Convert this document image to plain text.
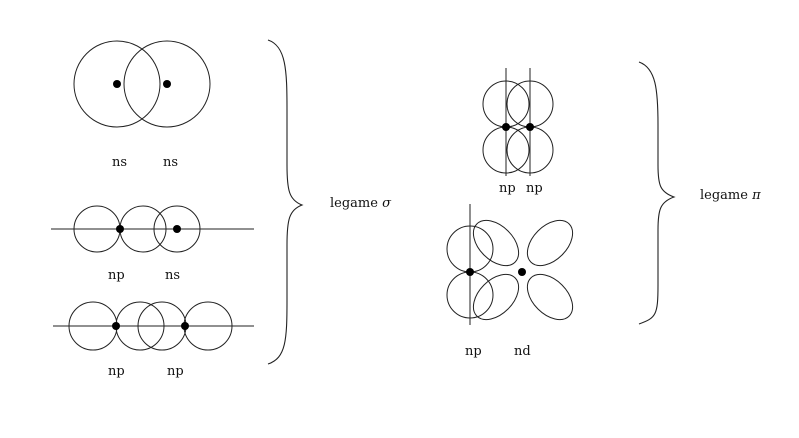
ns	ns
np	ns
np	np
legame σ
np np
np nd
legame π
